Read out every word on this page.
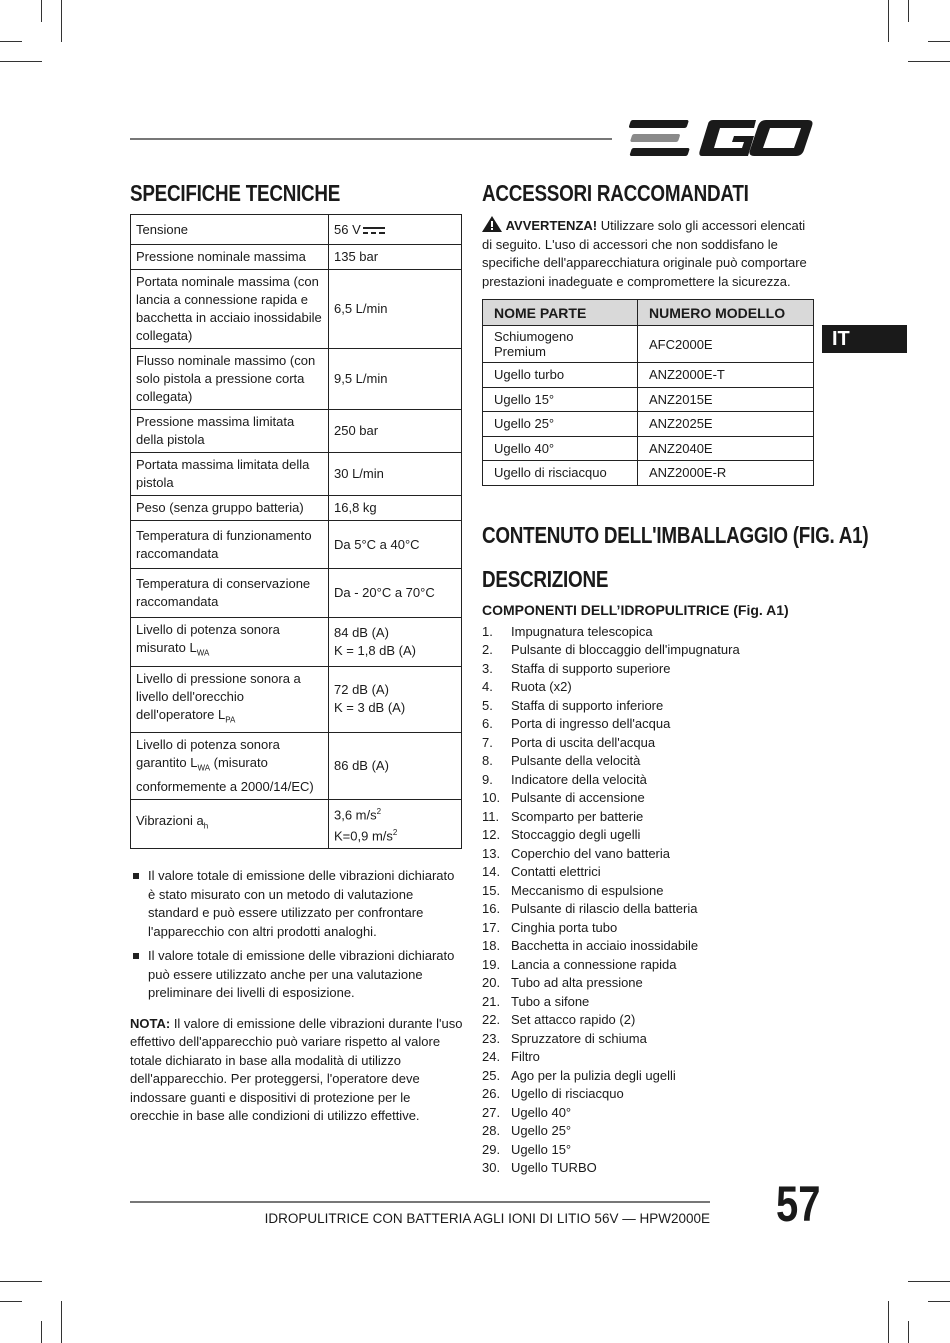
IT
SPECIFICHE TECNICHE
Tensione	56 V
Pressione nominale massima	135 bar
Portata nominale massima (con lancia a connessione rapida e bacchetta in acciaio inossidabile collegata)	6,5 L/min
Flusso nominale massimo (con solo pistola a pressione corta collegata)	9,5 L/min
Pressione massima limitata della pistola	250 bar
Portata massima limitata della pistola	30 L/min
Peso (senza gruppo batteria)	16,8 kg
Temperatura di funzionamento raccomandata	Da 5°C a 40°C
Temperatura di conservazione raccomandata	Da - 20°C a 70°C
Livello di potenza sonora misurato $L_{WA}$	84 dB (A)
K = 1,8 dB (A)
Livello di pressione sonora a livello dell'orecchio dell'operatore $L_{PA}$	72 dB (A)
K = 3 dB (A)
Livello di potenza sonora garantito $L_{WA}$ (misurato conformemente a 2000/14/EC)	86 dB (A)
Vibrazioni $a_h$	3,6 $m/s^2$
K=0,9 $m/s^2$
Il valore totale di emissione delle vibrazioni dichiarato è stato misurato con un metodo di valutazione standard e può essere utilizzato per confrontare l'apparecchio con altri prodotti analoghi.
Il valore totale di emissione delle vibrazioni dichiarato può essere utilizzato anche per una valutazione preliminare dei livelli di esposizione.

NOTA: Il valore di emissione delle vibrazioni durante l'uso effettivo dell'apparecchio può variare rispetto al valore totale dichiarato in base alla modalità di utilizzo dell'apparecchio. Per proteggersi, l'operatore deve indossare guanti e dispositivi di protezione per le orecchie in base alle condizioni di utilizzo effettive.

ACCESSORI RACCOMANDATI

AVVERTENZA! Utilizzare solo gli accessori elencati di seguito. L'uso di accessori che non soddisfano le specifiche dell'apparecchiatura originale può comportare prestazioni inadeguate e compromettere la sicurezza.

NOME PARTE	NUMERO MODELLO
Schiumogeno Premium	AFC2000E
Ugello turbo	ANZ2000E-T
Ugello 15°	ANZ2015E
Ugello 25°	ANZ2025E
Ugello 40°	ANZ2040E
Ugello di risciacquo	ANZ2000E-R
CONTENUTO DELL'IMBALLAGGIO (FIG. A1)
DESCRIZIONE

COMPONENTI DELL’IDROPULITRICE (Fig. A1)

1.	Impugnatura telescopica
2.	Pulsante di bloccaggio dell'impugnatura
3.	Staffa di supporto superiore
4.	Ruota (x2)
5.	Staffa di supporto inferiore
6.	Porta di ingresso dell'acqua
7.	Porta di uscita dell'acqua
8.	Pulsante della velocità
9.	Indicatore della velocità
10. Pulsante di accensione
11. Scomparto per batterie
12. Stoccaggio degli ugelli
13. Coperchio del vano batteria
14. Contatti elettrici
15. Meccanismo di espulsione
16. Pulsante di rilascio della batteria
17. Cinghia porta tubo
18. Bacchetta in acciaio inossidabile
19. Lancia a connessione rapida
20. Tubo ad alta pressione
21. Tubo a sifone
22. Set attacco rapido (2)
23. Spruzzatore di schiuma
24. Filtro
25. Ago per la pulizia degli ugelli
26. Ugello di risciacquo
27. Ugello 40°
28. Ugello 25°
29. Ugello 15°
30. Ugello TURBO
IDROPULITRICE CON BATTERIA AGLI IONI DI LITIO 56V — HPW2000E 57
